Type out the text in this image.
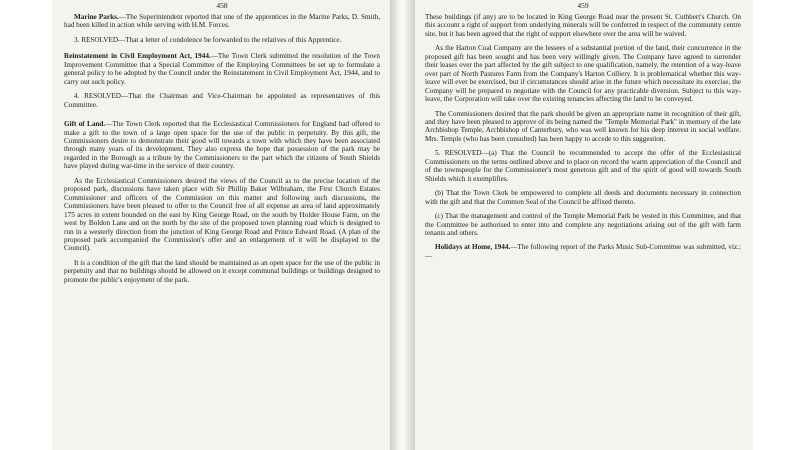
458

Marine Parks.—The Superintendent reported that one of the apprentices in the Marine Parks, D. Smith, had been killed in action while serving with H.M. Forces.

3. RESOLVED—That a letter of condolence be forwarded to the relatives of this Apprentice.

Reinstatement in Civil Employment Act, 1944.—The Town Clerk submitted the resolution of the Town Improvement Committee that a Special Committee of the Employing Committees be set up to formulate a general policy to be adopted by the Council under the Reinstatement in Civil Employment Act, 1944, and to carry out such policy.

4. RESOLVED—That the Chairman and Vice-Chairman be appointed as representatives of this Committee.

Gift of Land.—The Town Clerk reported that the Ecclesiastical Commissioners for England had offered to make a gift to the town of a large open space for the use of the public in perpetuity. By this gift, the Commissioners desire to demonstrate their good will towards a town with which they have been associated through many years of its development. They also express the hope that possession of the park may be regarded in the Borough as a tribute by the Commissioners to the part which the citizens of South Shields have played during war-time in the service of their country.

As the Ecclesiastical Commissioners desired the views of the Council as to the precise location of the proposed park, discussions have taken place with Sir Phillip Baker Wilbraham, the First Church Estates Commissioner and officers of the Commission on this matter and following such discussions, the Commissioners have been pleased to offer to the Council free of all expense an area of land approximately 175 acres in extent bounded on the east by King George Road, on the south by Holder House Farm, on the west by Boldon Lane and on the north by the site of the proposed town planning road which is designed to run in a westerly direction from the junction of King George Road and Prince Edward Road. (A plan of the proposed park accompanied the Commission's offer and an enlargement of it will be displayed to the Council).

It is a condition of the gift that the land should be maintained as an open space for the use of the public in perpetuity and that no buildings should be allowed on it except communal buildings or buildings designed to promote the public's enjoyment of the park.

459

These buildings (if any) are to be located in King George Road near the present St. Cuthbert's Church. On this account a right of support from underlying minerals will be conferred in respect of the community centre site, but it has been agreed that the right of support elsewhere over the area will be waived.

As the Harton Coal Company are the lessees of a substantial portion of the land, their concurrence in the proposed gift has been sought and has been very willingly given. The Company have agreed to surrender their leases over the part affected by the gift subject to one qualification, namely, the retention of a way-leave over part of North Pastures Farm from the Company's Harton Colliery. It is problematical whether this way-leave will ever be exercised, but if circumstances should arise in the future which necessitate its exercise, the Company will be prepared to negotiate with the Council for any practicable diversion. Subject to this way-leave, the Corporation will take over the existing tenancies affecting the land to be conveyed.

The Commissioners desired that the park should be given an appropriate name in recognition of their gift, and they have been pleased to approve of its being named the "Temple Memorial Park" in memory of the late Archbishop Temple, Archbishop of Canterbury, who was well known for his deep interest in social welfare. Mrs. Temple (who has been consulted) has been happy to accede to this suggestion.

5. RESOLVED—(a) That the Council be recommended to accept the offer of the Ecclesiastical Commissioners on the terms outlined above and to place on record the warm appreciation of the Council and of the townspeople for the Commissioner's most generous gift and of the spirit of good will towards South Shields which it exemplifies.

(b) That the Town Clerk be empowered to complete all deeds and documents necessary in connection with the gift and that the Common Seal of the Council be affixed thereto.

(c) That the management and control of the Temple Memorial Park be vested in this Committee, and that the Committee be authorised to enter into and complete any negotiations arising out of the gift with farm tenants and others.

Holidays at Home, 1944.—The following report of the Parks Music Sub-Committee was submitted, viz.:—
